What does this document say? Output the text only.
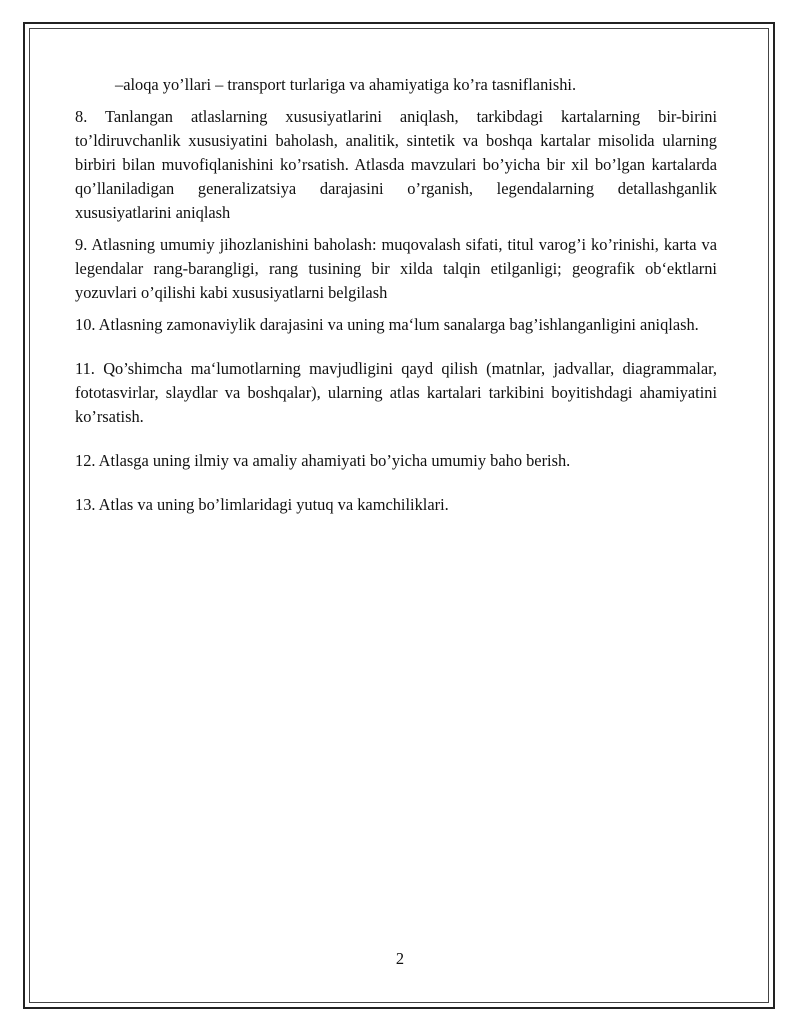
–aloqa yo’llari – transport turlariga va ahamiyatiga ko’ra tasniflanishi.

8. Tanlangan atlaslarning xususiyatlarini aniqlash, tarkibdagi kartalarning bir-birini to’ldiruvchanlik xususiyatini baholash, analitik, sintetik va boshqa kartalar misolida ularning birbiri bilan muvofiqlanishini ko’rsatish. Atlasda mavzulari bo’yicha bir xil bo’lgan kartalarda qo’llaniladigan generalizatsiya darajasini o’rganish, legendalarning detallashganlik xususiyatlarini aniqlash

9. Atlasning umumiy jihozlanishini baholash: muqovalash sifati, titul varog’i ko’rinishi, karta va legendalar rang-barangligi, rang tusining bir xilda talqin etilganligi; geografik ob‘ektlarni yozuvlari o’qilishi kabi xususiyatlarni belgilash

10. Atlasning zamonaviylik darajasini va uning ma‘lum sanalarga bag’ishlanganligini aniqlash.

11. Qo’shimcha ma‘lumotlarning mavjudligini qayd qilish (matnlar, jadvallar, diagrammalar, fototasvirlar, slaydlar va boshqalar), ularning atlas kartalari tarkibini boyitishdagi ahamiyatini ko’rsatish.

12. Atlasga uning ilmiy va amaliy ahamiyati bo’yicha umumiy baho berish.

13. Atlas va uning bo’limlaridagi yutuq va kamchiliklari.

2
